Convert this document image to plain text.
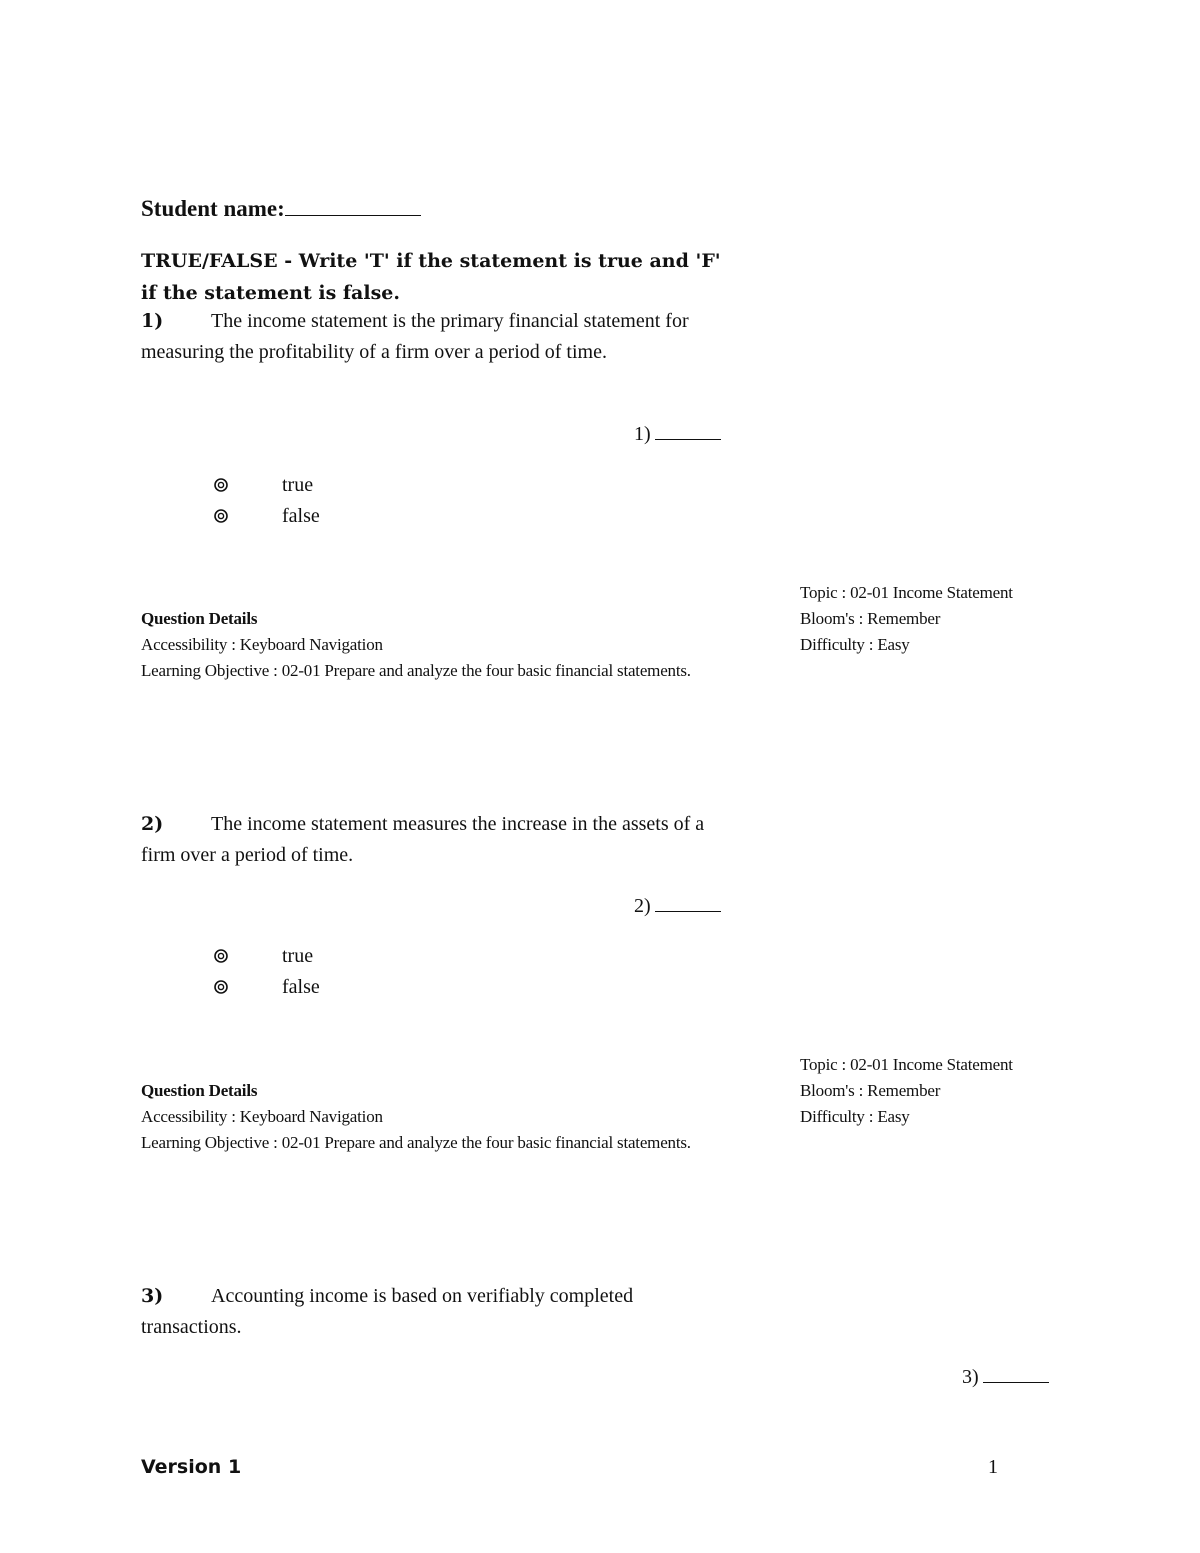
Student name:
TRUE/FALSE - Write 'T' if the statement is true and 'F' if the statement is false.
1) The income statement is the primary financial statement for measuring the profitability of a firm over a period of time.
1)
true
false
Topic : 02-01 Income Statement
Bloom's : Remember
Difficulty : Easy
Question Details
Accessibility : Keyboard Navigation
Learning Objective : 02-01 Prepare and analyze the four basic financial statements.
2) The income statement measures the increase in the assets of a firm over a period of time.
2)
true
false
Topic : 02-01 Income Statement
Bloom's : Remember
Difficulty : Easy
Question Details
Accessibility : Keyboard Navigation
Learning Objective : 02-01 Prepare and analyze the four basic financial statements.
3) Accounting income is based on verifiably completed transactions.
3)
Version 1	1
